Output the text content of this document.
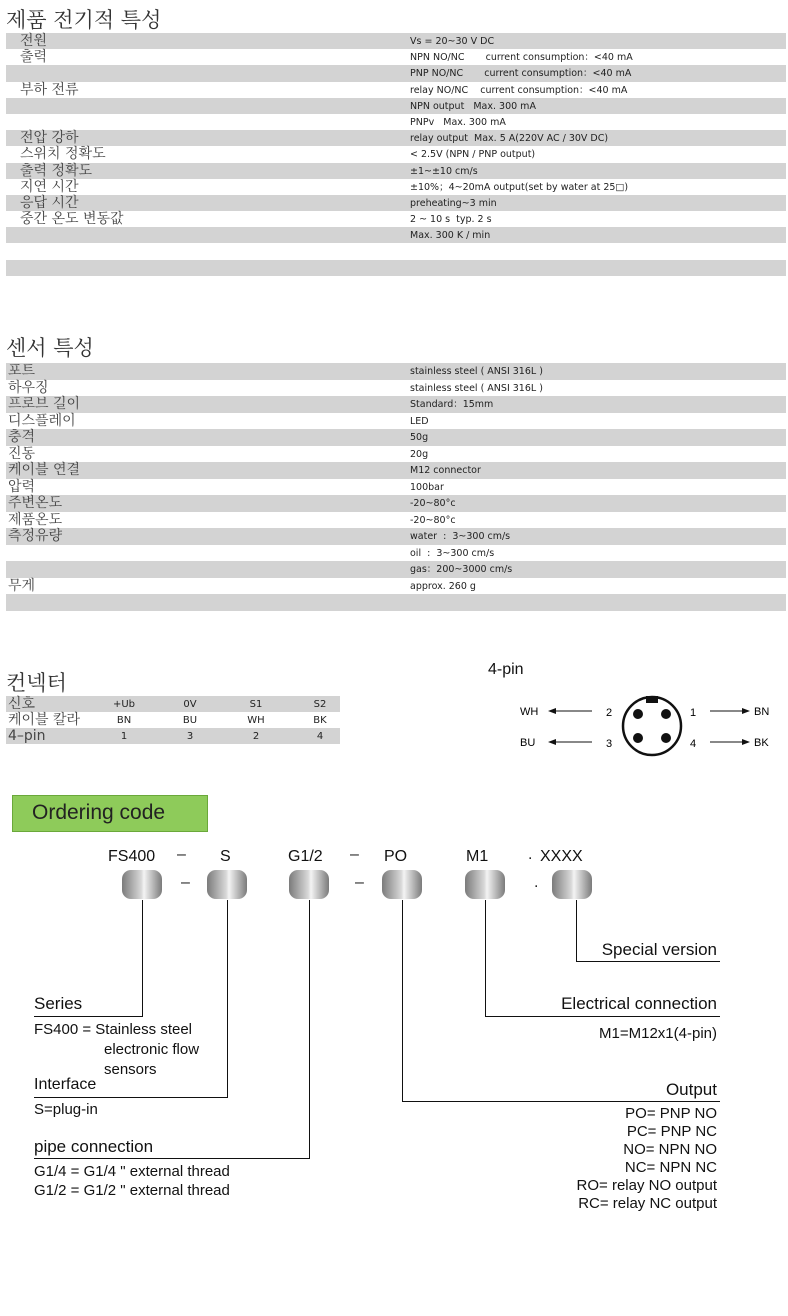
제품 전기적 특성
전원	Vs = 20~30 V DC
출력	NPN NO/NC       current consumption：<40 mA
PNP NO/NC       current consumption：<40 mA
부하 전류	relay NO/NC    current consumption：<40 mA
NPN output   Max. 300 mA
PNPv   Max. 300 mA
전압 강하	relay output  Max. 5 A(220V AC / 30V DC)
스위치 정확도	< 2.5V (NPN / PNP output)
출력 정확도	±1~±10 cm/s
지연 시간	±10%；4~20mA output(set by water at 25□)
응답 시간	preheating~3 min
중간 온도 변동값	2 ~ 10 s  typ. 2 s
Max. 300 K / min
센서 특성
포트	stainless steel ( ANSI 316L )
하우징	stainless steel ( ANSI 316L )
프로브 길이	Standard：15mm
디스플레이	LED
충격	50g
진동	20g
케이블 연결	M12 connector
압력	100bar
주변온도	-20~80°c
제품온도	-20~80°c
측정유량	water  :  3~300 cm/s
oil  :  3~300 cm/s
gas：200~3000 cm/s
무게	approx. 260 g
컨넥터
신호	+Ub	0V	S1	S2
케이블 칼라	BN	BU	WH	BK
4–pin	1	3	2	4
4-pin
WH
BU
2
3
1
4
BN
BK
Ordering code
FS400	S	G1/2	PO	M1	XXXX
–	–	.
–	–	.
Series
FS400 = Stainless steel
electronic flow
sensors
Interface
S=plug-in
pipe connection
G1/4 = G1/4 " external thread
G1/2 = G1/2 " external thread
Special version
Electrical connection
M1=M12x1(4-pin)
Output
PO= PNP NO
PC= PNP NC
NO= NPN NO
NC= NPN NC
RO= relay NO output
RC= relay NC output
